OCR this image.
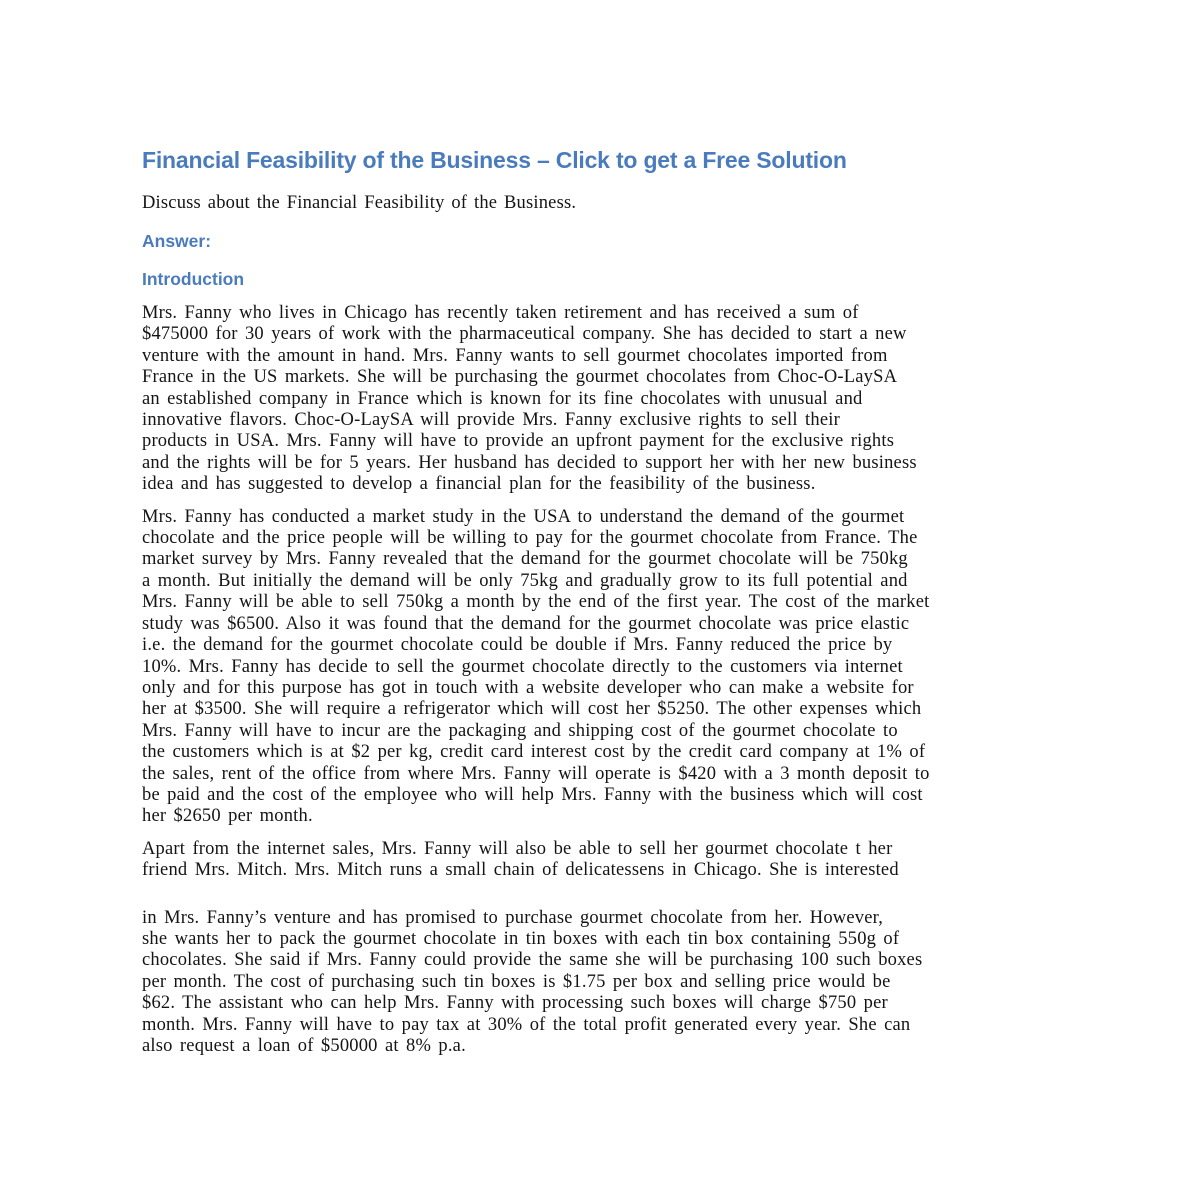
Financial Feasibility of the Business – Click to get a Free Solution

Discuss about the Financial Feasibility of the Business.

Answer:
Introduction
Mrs. Fanny who lives in Chicago has recently taken retirement and has received a sum of
$475000 for 30 years of work with the pharmaceutical company. She has decided to start a new
venture with the amount in hand. Mrs. Fanny wants to sell gourmet chocolates imported from
France in the US markets. She will be purchasing the gourmet chocolates from Choc-O-LaySA
an established company in France which is known for its fine chocolates with unusual and
innovative flavors. Choc-O-LaySA will provide Mrs. Fanny exclusive rights to sell their
products in USA. Mrs. Fanny will have to provide an upfront payment for the exclusive rights
and the rights will be for 5 years. Her husband has decided to support her with her new business
idea and has suggested to develop a financial plan for the feasibility of the business.
Mrs. Fanny has conducted a market study in the USA to understand the demand of the gourmet
chocolate and the price people will be willing to pay for the gourmet chocolate from France. The
market survey by Mrs. Fanny revealed that the demand for the gourmet chocolate will be 750kg
a month. But initially the demand will be only 75kg and gradually grow to its full potential and
Mrs. Fanny will be able to sell 750kg a month by the end of the first year. The cost of the market
study was $6500. Also it was found that the demand for the gourmet chocolate was price elastic
i.e. the demand for the gourmet chocolate could be double if Mrs. Fanny reduced the price by
10%. Mrs. Fanny has decide to sell the gourmet chocolate directly to the customers via internet
only and for this purpose has got in touch with a website developer who can make a website for
her at $3500. She will require a refrigerator which will cost her $5250. The other expenses which
Mrs. Fanny will have to incur are the packaging and shipping cost of the gourmet chocolate to
the customers which is at $2 per kg, credit card interest cost by the credit card company at 1% of
the sales, rent of the office from where Mrs. Fanny will operate is $420 with a 3 month deposit to
be paid and the cost of the employee who will help Mrs. Fanny with the business which will cost
her $2650 per month.
Apart from the internet sales, Mrs. Fanny will also be able to sell her gourmet chocolate t her
friend Mrs. Mitch. Mrs. Mitch runs a small chain of delicatessens in Chicago. She is interested
in Mrs. Fanny’s venture and has promised to purchase gourmet chocolate from her. However,
she wants her to pack the gourmet chocolate in tin boxes with each tin box containing 550g of
chocolates. She said if Mrs. Fanny could provide the same she will be purchasing 100 such boxes
per month. The cost of purchasing such tin boxes is $1.75 per box and selling price would be
$62. The assistant who can help Mrs. Fanny with processing such boxes will charge $750 per
month. Mrs. Fanny will have to pay tax at 30% of the total profit generated every year. She can
also request a loan of $50000 at 8% p.a.
